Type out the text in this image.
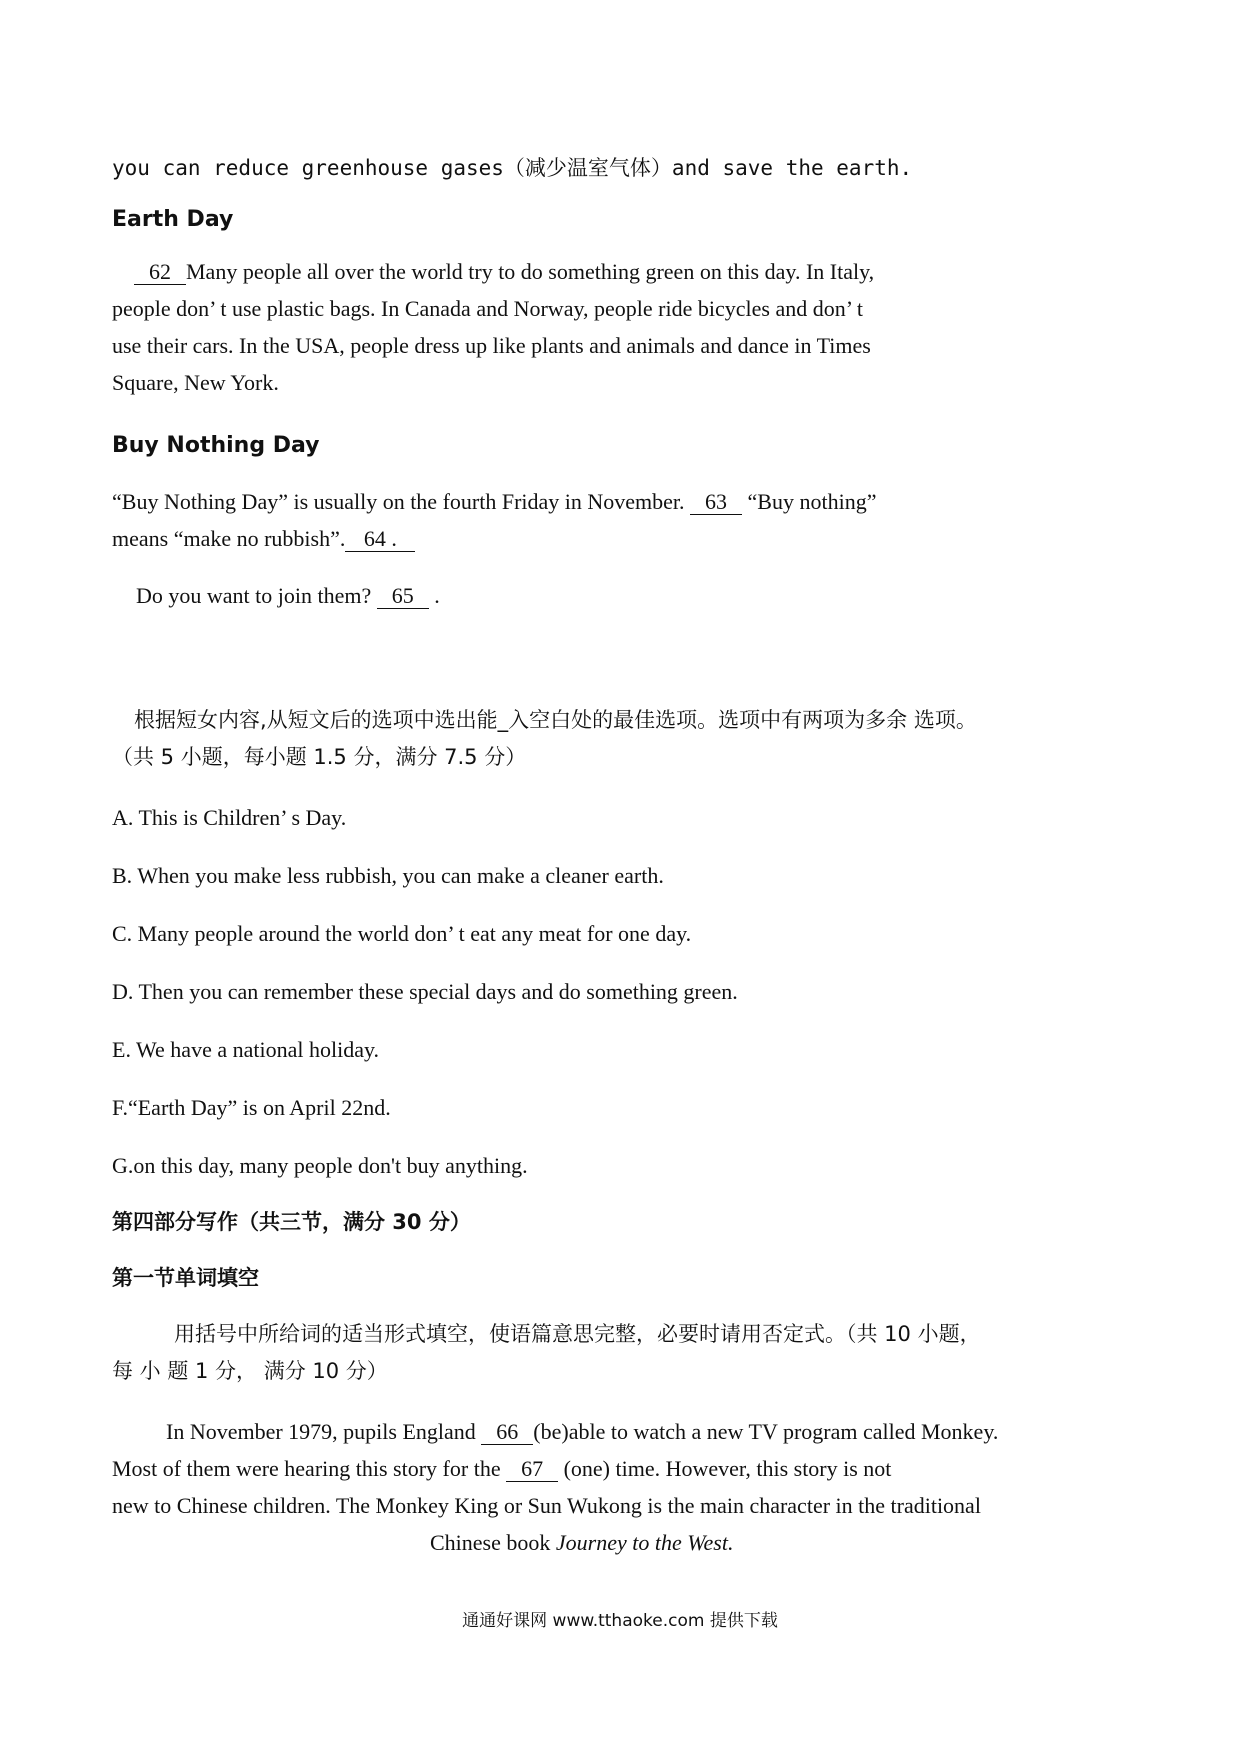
you can reduce greenhouse gases（减少温室气体）and save the earth.
Earth Day
62 Many people all over the world try to do something green on this day. In Italy,
people don’ t use plastic bags. In Canada and Norway, people ride bicycles and don’ t
use their cars. In the USA, people dress up like plants and animals and dance in Times
Square, New York.
Buy Nothing Day
“Buy Nothing Day” is usually on the fourth Friday in November. 63 “Buy nothing”
means “make no rubbish”. 64 .
Do you want to join them? 65 .
根据短女内容,从短文后的选项中选出能_入空白处的最佳选项。选项中有两项为多余 选项。
（共 5 小题，每小题 1.5 分，满分 7.5 分）
A. This is Children’ s Day.
B. When you make less rubbish, you can make a cleaner earth.
C. Many people around the world don’ t eat any meat for one day.
D. Then you can remember these special days and do something green.
E. We have a national holiday.
F.“Earth Day” is on April 22nd.
G.on this day, many people don't buy anything.
第四部分写作（共三节，满分 30 分）
第一节单词填空
用括号中所给词的适当形式填空，使语篇意思完整，必要时请用否定式。（共 10 小题，
每 小 题 1 分， 满分 10 分）
In November 1979, pupils England 66 (be)able to watch a new TV program called Monkey.
Most of them were hearing this story for the 67 (one) time. However, this story is not
new to Chinese children. The Monkey King or Sun Wukong is the main character in the traditional
Chinese book Journey to the West.
通通好课网 www.tthaoke.com 提供下载
